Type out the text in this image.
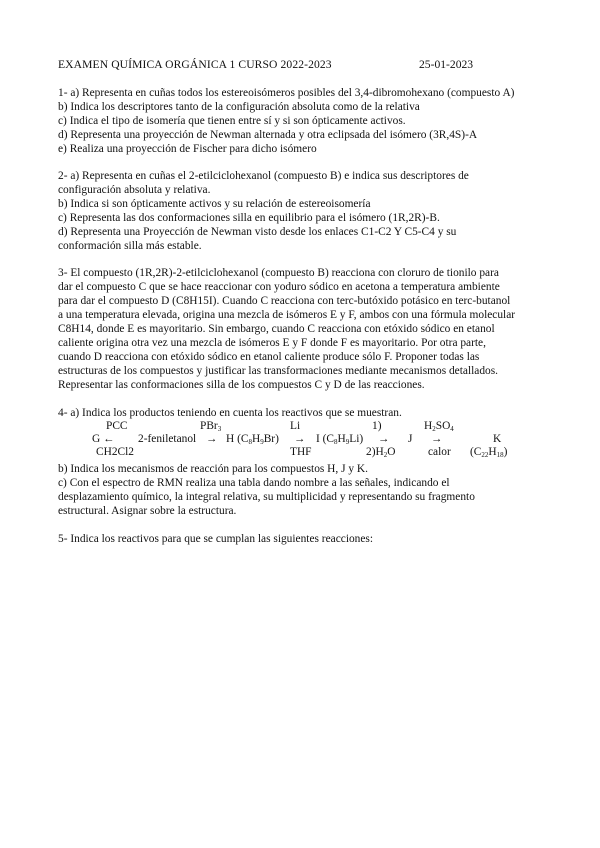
EXAMEN QUÍMICA ORGÁNICA 1 CURSO 2022-2023	25-01-2023
1- a) Representa en cuñas todos los estereoisómeros posibles del 3,4-dibromohexano (compuesto A)
b) Indica los descriptores tanto de la configuración absoluta como de la relativa
c) Indica el tipo de isomería que tienen entre sí y si son ópticamente activos.
d) Representa una proyección de Newman alternada y otra eclipsada del isómero (3R,4S)-A
e) Realiza una proyección de Fischer para dicho isómero
2- a) Representa en cuñas el 2-etilciclohexanol (compuesto B) e indica sus descriptores de
configuración absoluta y relativa.
b) Indica si son ópticamente activos y su relación de estereoisomería
c) Representa las dos conformaciones silla en equilibrio para el isómero (1R,2R)-B.
d) Representa una Proyección de Newman visto desde los enlaces C1-C2 Y C5-C4 y su
conformación silla más estable.
3- El compuesto (1R,2R)-2-etilciclohexanol (compuesto B) reacciona con cloruro de tionilo para
dar el compuesto C que se hace reaccionar con yoduro sódico en acetona a temperatura ambiente
para dar el compuesto D (C8H15I). Cuando C reacciona con terc-butóxido potásico en terc-butanol
a una temperatura elevada, origina una mezcla de isómeros E y F, ambos con una fórmula molecular
C8H14, donde E es mayoritario. Sin embargo, cuando C reacciona con etóxido sódico en etanol
caliente origina otra vez una mezcla de isómeros E y F donde F es mayoritario. Por otra parte,
cuando D reacciona con etóxido sódico en etanol caliente produce sólo F. Proponer todas las
estructuras de los compuestos y justificar las transformaciones mediante mecanismos detallados.
Representar las conformaciones silla de los compuestos C y D de las reacciones.
4- a) Indica los productos teniendo en cuenta los reactivos que se muestran.
PCC	PBr$_3$	Li	1)	$H_2SO_4$
G ← 2-feniletanol → H $(C_8H_9Br) \to I$ $(C_8H_9Li) \to J$ →	K
CH2Cl2	THF	$2)H_2O$	calor $(C_{22}H_{18})$
b) Indica los mecanismos de reacción para los compuestos H, J y K.
c) Con el espectro de RMN realiza una tabla dando nombre a las señales, indicando el
desplazamiento químico, la integral relativa, su multiplicidad y representando su fragmento
estructural. Asignar sobre la estructura.
5- Indica los reactivos para que se cumplan las siguientes reacciones:
